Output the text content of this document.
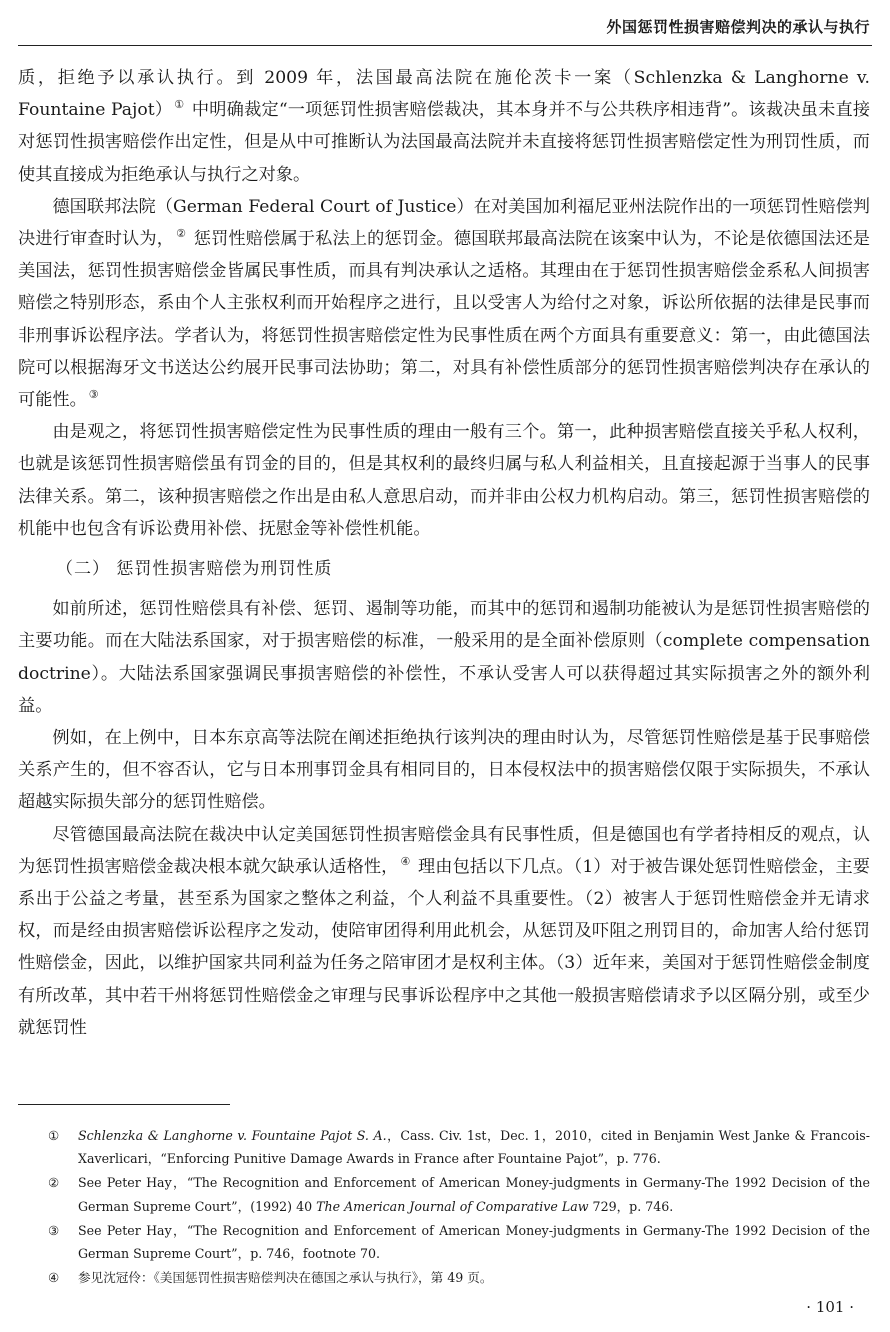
外国惩罚性损害赔偿判决的承认与执行

质，拒绝予以承认执行。到 2009 年，法国最高法院在施伦茨卡一案（Schlenzka & Langhorne v. Fountaine Pajot） ① 中明确裁定“一项惩罚性损害赔偿裁决，其本身并不与公共秩序相违背”。该裁决虽未直接对惩罚性损害赔偿作出定性，但是从中可推断认为法国最高法院并未直接将惩罚性损害赔偿定性为刑罚性质，而使其直接成为拒绝承认与执行之对象。

德国联邦法院（German Federal Court of Justice）在对美国加利福尼亚州法院作出的一项惩罚性赔偿判决进行审查时认为， ② 惩罚性赔偿属于私法上的惩罚金。德国联邦最高法院在该案中认为，不论是依德国法还是美国法，惩罚性损害赔偿金皆属民事性质，而具有判决承认之适格。其理由在于惩罚性损害赔偿金系私人间损害赔偿之特别形态，系由个人主张权利而开始程序之进行，且以受害人为给付之对象，诉讼所依据的法律是民事而非刑事诉讼程序法。学者认为，将惩罚性损害赔偿定性为民事性质在两个方面具有重要意义：第一，由此德国法院可以根据海牙文书送达公约展开民事司法协助；第二，对具有补偿性质部分的惩罚性损害赔偿判决存在承认的可能性。 ③

由是观之，将惩罚性损害赔偿定性为民事性质的理由一般有三个。第一，此种损害赔偿直接关乎私人权利，也就是该惩罚性损害赔偿虽有罚金的目的，但是其权利的最终归属与私人利益相关，且直接起源于当事人的民事法律关系。第二，该种损害赔偿之作出是由私人意思启动，而并非由公权力机构启动。第三，惩罚性损害赔偿的机能中也包含有诉讼费用补偿、抚慰金等补偿性机能。

（二） 惩罚性损害赔偿为刑罚性质

如前所述，惩罚性赔偿具有补偿、惩罚、遏制等功能，而其中的惩罚和遏制功能被认为是惩罚性损害赔偿的主要功能。而在大陆法系国家，对于损害赔偿的标准，一般采用的是全面补偿原则（complete compensation doctrine）。大陆法系国家强调民事损害赔偿的补偿性，不承认受害人可以获得超过其实际损害之外的额外利益。

例如，在上例中，日本东京高等法院在阐述拒绝执行该判决的理由时认为，尽管惩罚性赔偿是基于民事赔偿关系产生的，但不容否认，它与日本刑事罚金具有相同目的，日本侵权法中的损害赔偿仅限于实际损失，不承认超越实际损失部分的惩罚性赔偿。

尽管德国最高法院在裁决中认定美国惩罚性损害赔偿金具有民事性质，但是德国也有学者持相反的观点，认为惩罚性损害赔偿金裁决根本就欠缺承认适格性， ④ 理由包括以下几点。（1）对于被告课处惩罚性赔偿金，主要系出于公益之考量，甚至系为国家之整体之利益，个人利益不具重要性。（2）被害人于惩罚性赔偿金并无请求权，而是经由损害赔偿诉讼程序之发动，使陪审团得利用此机会，从惩罚及吓阻之刑罚目的，命加害人给付惩罚性赔偿金，因此，以维护国家共同利益为任务之陪审团才是权利主体。（3）近年来，美国对于惩罚性赔偿金制度有所改革，其中若干州将惩罚性赔偿金之审理与民事诉讼程序中之其他一般损害赔偿请求予以区隔分别，或至少就惩罚性

① Schlenzka & Langhorne v. Fountaine Pajot S. A.，Cass. Civ. 1st，Dec. 1，2010，cited in Benjamin West Janke & Francois-Xaverlicari，“Enforcing Punitive Damage Awards in France after Fountaine Pajot”，p. 776.
② See Peter Hay，“The Recognition and Enforcement of American Money-judgments in Germany-The 1992 Decision of the German Supreme Court”，(1992) 40 The American Journal of Comparative Law 729，p. 746.
③ See Peter Hay，“The Recognition and Enforcement of American Money-judgments in Germany-The 1992 Decision of the German Supreme Court”，p. 746，footnote 70.
④ 参见沈冠伶：《美国惩罚性损害赔偿判决在德国之承认与执行》，第 49 页。
· 101 ·
